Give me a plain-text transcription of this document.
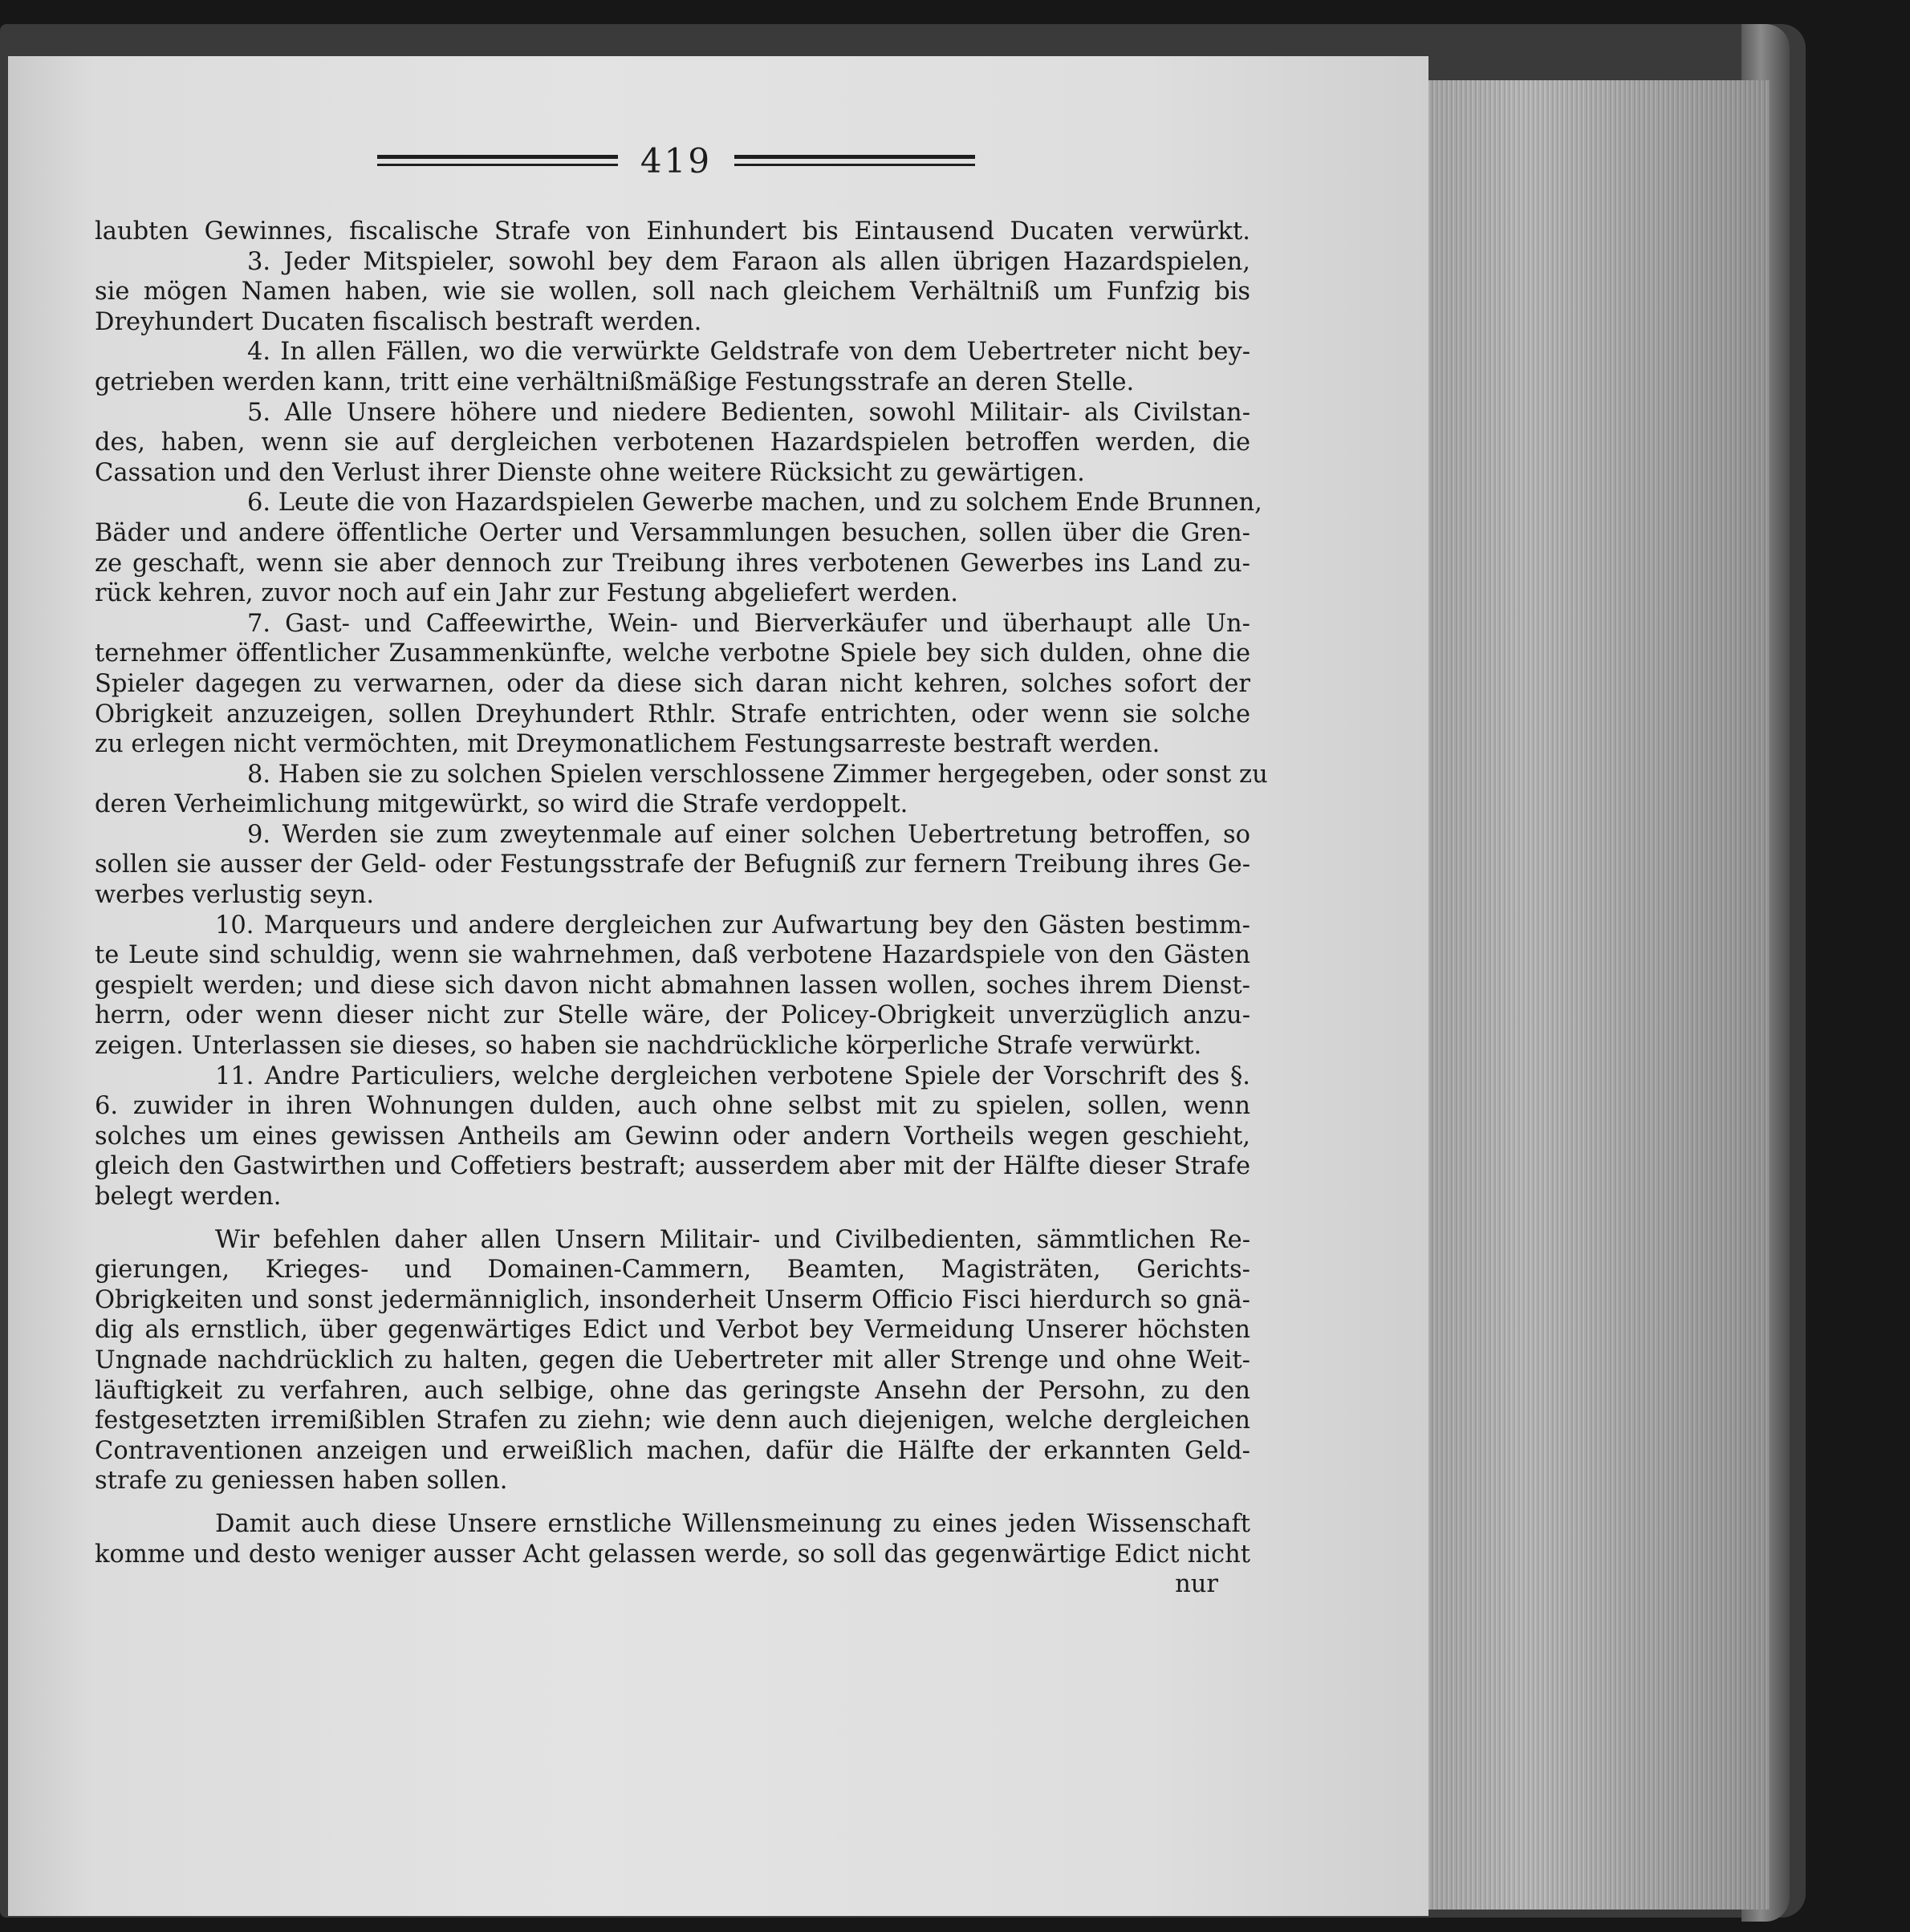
419
laubten Gewinnes, fiscalische Strafe von Einhundert bis Eintausend Ducaten verwürkt.
3. Jeder Mitspieler, sowohl bey dem Faraon als allen übrigen Hazardspielen,
sie mögen Namen haben, wie sie wollen, soll nach gleichem Verhältniß um Funfzig bis
Dreyhundert Ducaten fiscalisch bestraft werden.
4. In allen Fällen, wo die verwürkte Geldstrafe von dem Uebertreter nicht bey-
getrieben werden kann, tritt eine verhältnißmäßige Festungsstrafe an deren Stelle.
5. Alle Unsere höhere und niedere Bedienten, sowohl Militair- als Civilstan-
des, haben, wenn sie auf dergleichen verbotenen Hazardspielen betroffen werden, die
Cassation und den Verlust ihrer Dienste ohne weitere Rücksicht zu gewärtigen.
6. Leute die von Hazardspielen Gewerbe machen, und zu solchem Ende Brunnen,
Bäder und andere öffentliche Oerter und Versammlungen besuchen, sollen über die Gren-
ze geschaft, wenn sie aber dennoch zur Treibung ihres verbotenen Gewerbes ins Land zu-
rück kehren, zuvor noch auf ein Jahr zur Festung abgeliefert werden.
7. Gast- und Caffeewirthe, Wein- und Bierverkäufer und überhaupt alle Un-
ternehmer öffentlicher Zusammenkünfte, welche verbotne Spiele bey sich dulden, ohne die
Spieler dagegen zu verwarnen, oder da diese sich daran nicht kehren, solches sofort der
Obrigkeit anzuzeigen, sollen Dreyhundert Rthlr. Strafe entrichten, oder wenn sie solche
zu erlegen nicht vermöchten, mit Dreymonatlichem Festungsarreste bestraft werden.
8. Haben sie zu solchen Spielen verschlossene Zimmer hergegeben, oder sonst zu
deren Verheimlichung mitgewürkt, so wird die Strafe verdoppelt.
9. Werden sie zum zweytenmale auf einer solchen Uebertretung betroffen, so
sollen sie ausser der Geld- oder Festungsstrafe der Befugniß zur fernern Treibung ihres Ge-
werbes verlustig seyn.
10. Marqueurs und andere dergleichen zur Aufwartung bey den Gästen bestimm-
te Leute sind schuldig, wenn sie wahrnehmen, daß verbotene Hazardspiele von den Gästen
gespielt werden; und diese sich davon nicht abmahnen lassen wollen, soches ihrem Dienst-
herrn, oder wenn dieser nicht zur Stelle wäre, der Policey-Obrigkeit unverzüglich anzu-
zeigen. Unterlassen sie dieses, so haben sie nachdrückliche körperliche Strafe verwürkt.
11. Andre Particuliers, welche dergleichen verbotene Spiele der Vorschrift des §.
6. zuwider in ihren Wohnungen dulden, auch ohne selbst mit zu spielen, sollen, wenn
solches um eines gewissen Antheils am Gewinn oder andern Vortheils wegen geschieht,
gleich den Gastwirthen und Coffetiers bestraft; ausserdem aber mit der Hälfte dieser Strafe
belegt werden.
Wir befehlen daher allen Unsern Militair- und Civilbedienten, sämmtlichen Re-
gierungen, Krieges- und Domainen-Cammern, Beamten, Magisträten, Gerichts-
Obrigkeiten und sonst jedermänniglich, insonderheit Unserm Officio Fisci hierdurch so gnä-
dig als ernstlich, über gegenwärtiges Edict und Verbot bey Vermeidung Unserer höchsten
Ungnade nachdrücklich zu halten, gegen die Uebertreter mit aller Strenge und ohne Weit-
läuftigkeit zu verfahren, auch selbige, ohne das geringste Ansehn der Persohn, zu den
festgesetzten irremißiblen Strafen zu ziehn; wie denn auch diejenigen, welche dergleichen
Contraventionen anzeigen und erweißlich machen, dafür die Hälfte der erkannten Geld-
strafe zu geniessen haben sollen.
Damit auch diese Unsere ernstliche Willensmeinung zu eines jeden Wissenschaft
komme und desto weniger ausser Acht gelassen werde, so soll das gegenwärtige Edict nicht
nur
